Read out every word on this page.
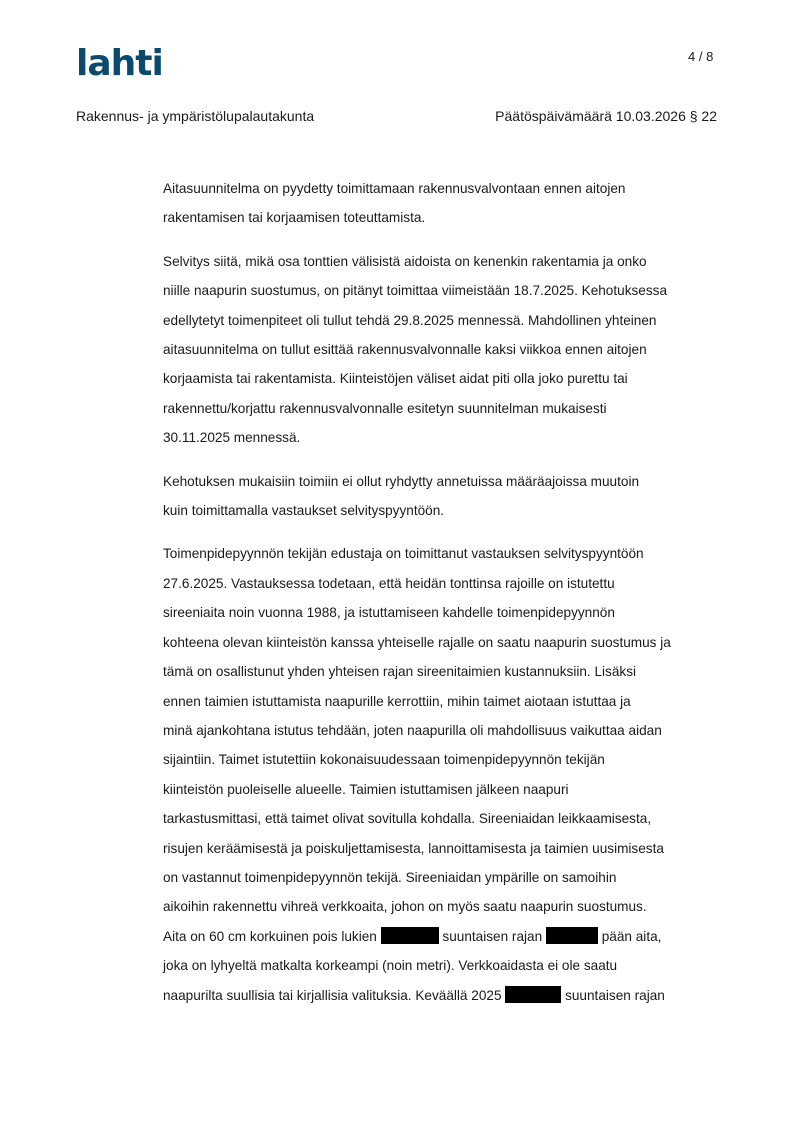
lahti	4 / 8
Rakennus- ja ympäristölupalautakunta	Päätöspäivämäärä 10.03.2026 § 22
Aitasuunnitelma on pyydetty toimittamaan rakennusvalvontaan ennen aitojen
rakentamisen tai korjaamisen toteuttamista.
Selvitys siitä, mikä osa tonttien välisistä aidoista on kenenkin rakentamia ja onko
niille naapurin suostumus, on pitänyt toimittaa viimeistään 18.7.2025. Kehotuksessa
edellytetyt toimenpiteet oli tullut tehdä 29.8.2025 mennessä. Mahdollinen yhteinen
aitasuunnitelma on tullut esittää rakennusvalvonnalle kaksi viikkoa ennen aitojen
korjaamista tai rakentamista. Kiinteistöjen väliset aidat piti olla joko purettu tai
rakennettu/korjattu rakennusvalvonnalle esitetyn suunnitelman mukaisesti
30.11.2025 mennessä.
Kehotuksen mukaisiin toimiin ei ollut ryhdytty annetuissa määräajoissa muutoin
kuin toimittamalla vastaukset selvityspyyntöön.
Toimenpidepyynnön tekijän edustaja on toimittanut vastauksen selvityspyyntöön
27.6.2025. Vastauksessa todetaan, että heidän tonttinsa rajoille on istutettu
sireeniaita noin vuonna 1988, ja istuttamiseen kahdelle toimenpidepyynnön
kohteena olevan kiinteistön kanssa yhteiselle rajalle on saatu naapurin suostumus ja
tämä on osallistunut yhden yhteisen rajan sireenitaimien kustannuksiin. Lisäksi
ennen taimien istuttamista naapurille kerrottiin, mihin taimet aiotaan istuttaa ja
minä ajankohtana istutus tehdään, joten naapurilla oli mahdollisuus vaikuttaa aidan
sijaintiin. Taimet istutettiin kokonaisuudessaan toimenpidepyynnön tekijän
kiinteistön puoleiselle alueelle. Taimien istuttamisen jälkeen naapuri
tarkastusmittasi, että taimet olivat sovitulla kohdalla. Sireeniaidan leikkaamisesta,
risujen keräämisestä ja poiskuljettamisesta, lannoittamisesta ja taimien uusimisesta
on vastannut toimenpidepyynnön tekijä. Sireeniaidan ympärille on samoihin
aikoihin rakennettu vihreä verkkoaita, johon on myös saatu naapurin suostumus.
Aita on 60 cm korkuinen pois lukien	suuntaisen rajan	pään aita,
joka on lyhyeltä matkalta korkeampi (noin metri). Verkkoaidasta ei ole saatu
naapurilta suullisia tai kirjallisia valituksia. Keväällä 2025	suuntaisen rajan
